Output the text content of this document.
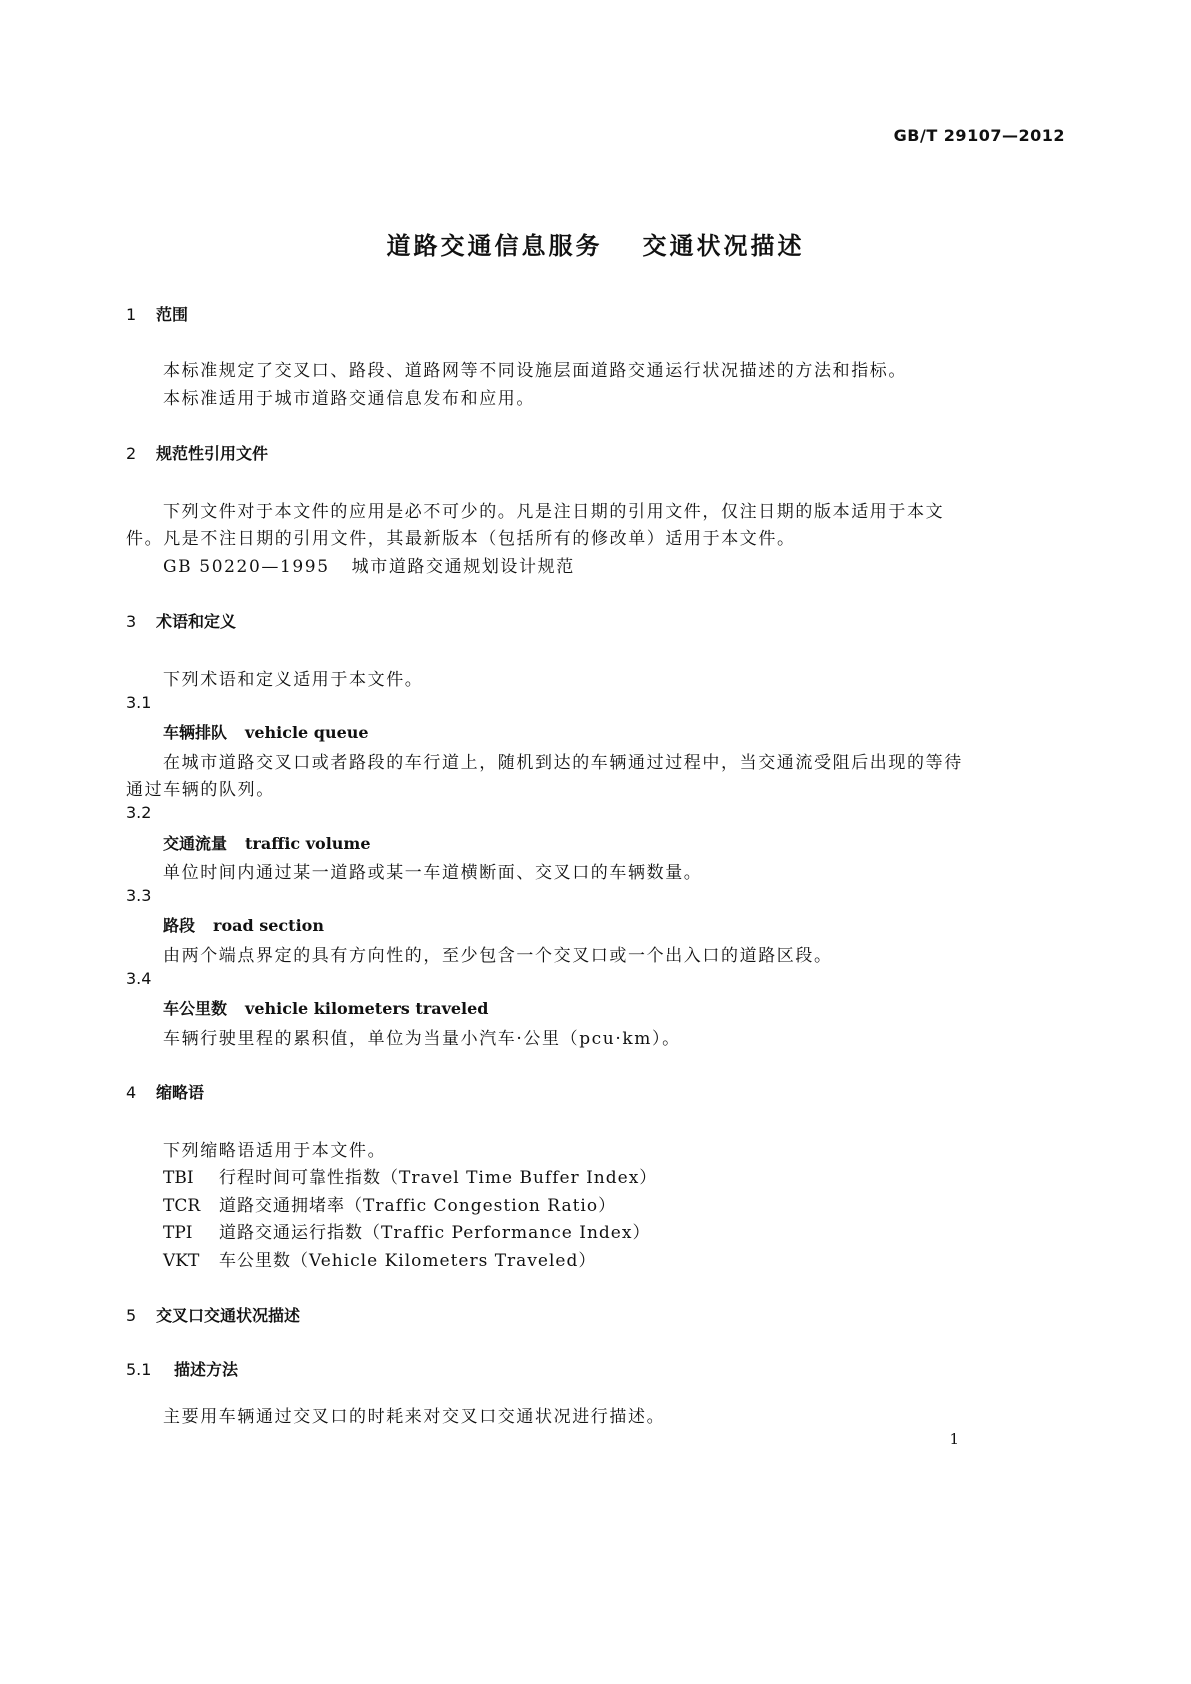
GB/T 29107—2012
道路交通信息服务 交通状况描述
1 范围
本标准规定了交叉口、路段、道路网等不同设施层面道路交通运行状况描述的方法和指标。
本标准适用于城市道路交通信息发布和应用。
2 规范性引用文件
下列文件对于本文件的应用是必不可少的。凡是注日期的引用文件，仅注日期的版本适用于本文
件。凡是不注日期的引用文件，其最新版本（包括所有的修改单）适用于本文件。
GB 50220—1995 城市道路交通规划设计规范
3 术语和定义
下列术语和定义适用于本文件。
3.1
车辆排队 vehicle queue
在城市道路交叉口或者路段的车行道上，随机到达的车辆通过过程中，当交通流受阻后出现的等待
通过车辆的队列。
3.2
交通流量 traffic volume
单位时间内通过某一道路或某一车道横断面、交叉口的车辆数量。
3.3
路段 road section
由两个端点界定的具有方向性的，至少包含一个交叉口或一个出入口的道路区段。
3.4
车公里数 vehicle kilometers traveled
车辆行驶里程的累积值，单位为当量小汽车·公里（pcu·km）。
4 缩略语
下列缩略语适用于本文件。
TBI 行程时间可靠性指数（Travel Time Buffer Index）
TCR 道路交通拥堵率（Traffic Congestion Ratio）
TPI 道路交通运行指数（Traffic Performance Index）
VKT 车公里数（Vehicle Kilometers Traveled）
5 交叉口交通状况描述
5.1 描述方法
主要用车辆通过交叉口的时耗来对交叉口交通状况进行描述。
1
